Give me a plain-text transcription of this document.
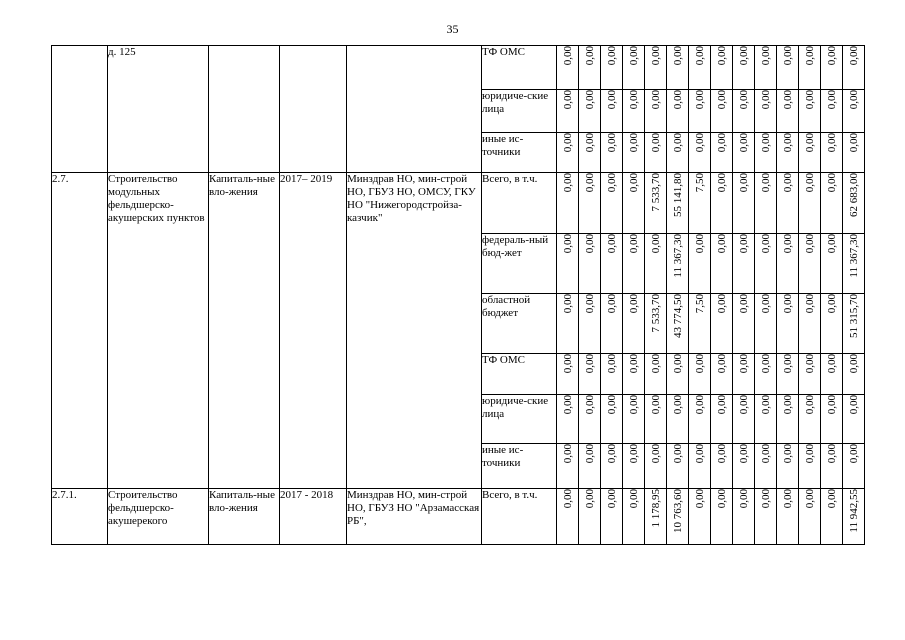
35
	д. 125				ТФ ОМС	0,00	0,00	0,00	0,00	0,00	0,00	0,00	0,00	0,00	0,00	0,00	0,00	0,00	0,00
					юридиче-ские лица	0,00	0,00	0,00	0,00	0,00	0,00	0,00	0,00	0,00	0,00	0,00	0,00	0,00	0,00
					иные ис-точники	0,00	0,00	0,00	0,00	0,00	0,00	0,00	0,00	0,00	0,00	0,00	0,00	0,00	0,00
2.7.	Строительство модульных фельдшерско-акушерских пунктов	Капиталь-ные вло-жения	2017– 2019	Минздрав НО, мин-строй НО, ГБУЗ НО, ОМСУ, ГКУ НО "Нижегородстройза-казчик"	Всего, в т.ч.	0,00	0,00	0,00	0,00	7 533,70	55 141,80	7,50	0,00	0,00	0,00	0,00	0,00	0,00	62 683,00
					федераль-ный бюд-жет	0,00	0,00	0,00	0,00	0,00	11 367,30	0,00	0,00	0,00	0,00	0,00	0,00	0,00	11 367,30
					областной бюджет	0,00	0,00	0,00	0,00	7 533,70	43 774,50	7,50	0,00	0,00	0,00	0,00	0,00	0,00	51 315,70
					ТФ ОМС	0,00	0,00	0,00	0,00	0,00	0,00	0,00	0,00	0,00	0,00	0,00	0,00	0,00	0,00
					юридиче-ские лица	0,00	0,00	0,00	0,00	0,00	0,00	0,00	0,00	0,00	0,00	0,00	0,00	0,00	0,00
					иные ис-точники	0,00	0,00	0,00	0,00	0,00	0,00	0,00	0,00	0,00	0,00	0,00	0,00	0,00	0,00
2.7.1.	Строительство фельдшерско-акушерекого	Капиталь-ные вло-жения	2017 - 2018	Минздрав НО, мин-строй НО, ГБУЗ НО "Арзамасская РБ",	Всего, в т.ч.	0,00	0,00	0,00	0,00	1 178,95	10 763,60	0,00	0,00	0,00	0,00	0,00	0,00	0,00	11 942,55
